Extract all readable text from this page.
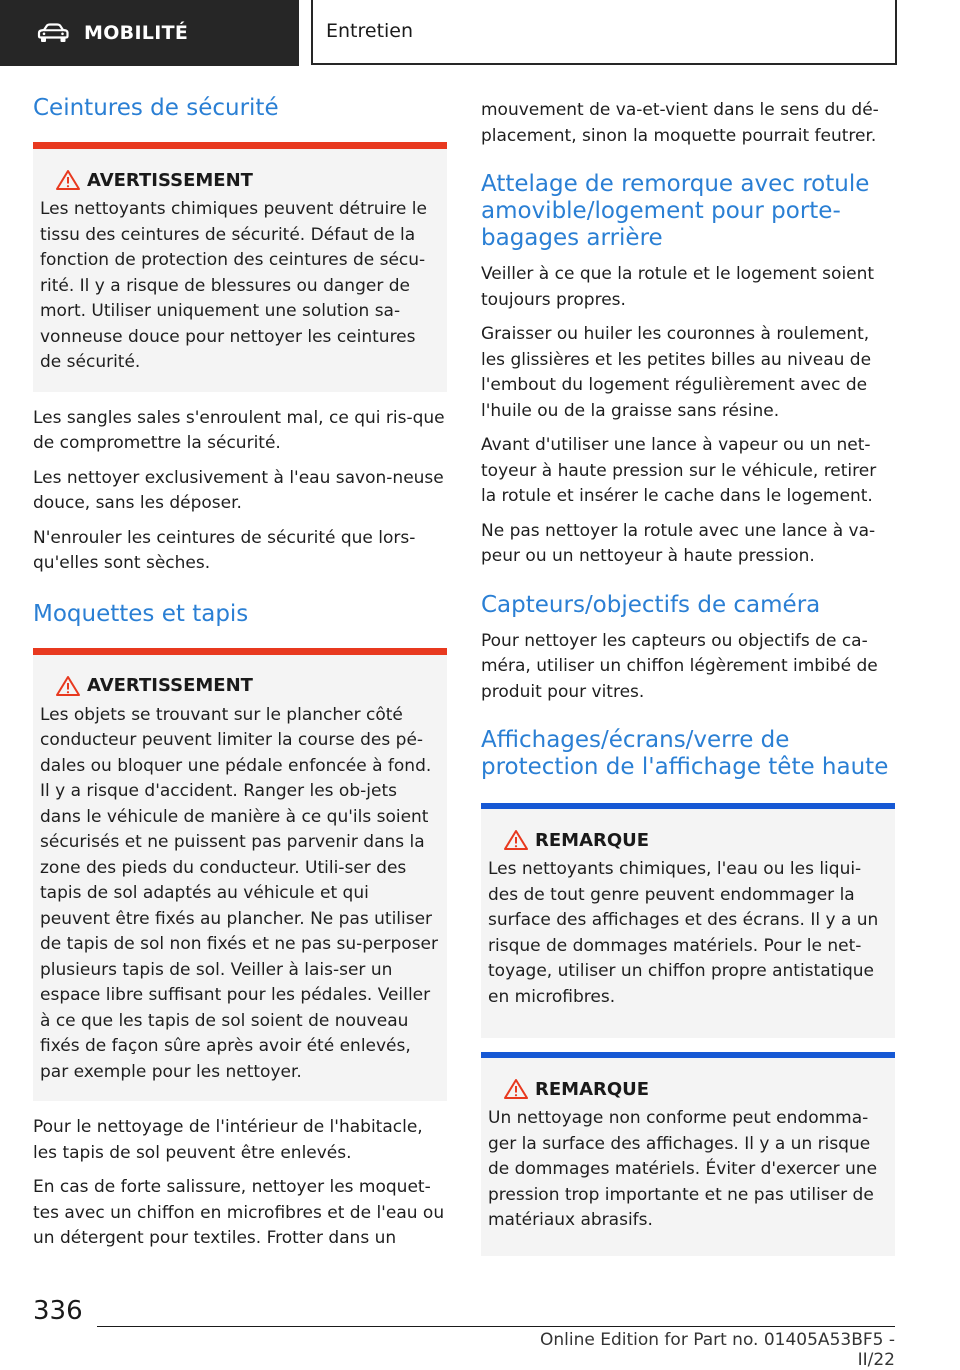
MOBILITÉ	Entretien
Ceintures de sécurité
AVERTISSEMENT

Les nettoyants chimiques peuvent détruire le tissu des ceintures de sécurité. Défaut de la fonction de protection des ceintures de sécu-rité. Il y a risque de blessures ou danger de mort. Utiliser uniquement une solution sa-vonneuse douce pour nettoyer les ceintures de sécurité.

Les sangles sales s'enroulent mal, ce qui ris-que de compromettre la sécurité.

Les nettoyer exclusivement à l'eau savon-neuse douce, sans les déposer.

N'enrouler les ceintures de sécurité que lors-qu'elles sont sèches.

Moquettes et tapis
AVERTISSEMENT

Les objets se trouvant sur le plancher côté conducteur peuvent limiter la course des pé-dales ou bloquer une pédale enfoncée à fond. Il y a risque d'accident. Ranger les ob-jets dans le véhicule de manière à ce qu'ils soient sécurisés et ne puissent pas parvenir dans la zone des pieds du conducteur. Utili-ser des tapis de sol adaptés au véhicule et qui peuvent être fixés au plancher. Ne pas utiliser de tapis de sol non fixés et ne pas su-perposer plusieurs tapis de sol. Veiller à lais-ser un espace libre suffisant pour les pédales. Veiller à ce que les tapis de sol soient de nouveau fixés de façon sûre après avoir été enlevés, par exemple pour les nettoyer.

Pour le nettoyage de l'intérieur de l'habitacle, les tapis de sol peuvent être enlevés.

En cas de forte salissure, nettoyer les moquet-tes avec un chiffon en microfibres et de l'eau ou un détergent pour textiles. Frotter dans un

mouvement de va-et-vient dans le sens du dé-placement, sinon la moquette pourrait feutrer.

Attelage de remorque avec rotule amovible/logement pour porte-bagages arrière

Veiller à ce que la rotule et le logement soient toujours propres.

Graisser ou huiler les couronnes à roulement, les glissières et les petites billes au niveau de l'embout du logement régulièrement avec de l'huile ou de la graisse sans résine.

Avant d'utiliser une lance à vapeur ou un net-toyeur à haute pression sur le véhicule, retirer la rotule et insérer le cache dans le logement.

Ne pas nettoyer la rotule avec une lance à va-peur ou un nettoyeur à haute pression.

Capteurs/objectifs de caméra

Pour nettoyer les capteurs ou objectifs de ca-méra, utiliser un chiffon légèrement imbibé de produit pour vitres.

Affichages/écrans/verre de protection de l'affichage tête haute
REMARQUE

Les nettoyants chimiques, l'eau ou les liqui-des de tout genre peuvent endommager la surface des affichages et des écrans. Il y a un risque de dommages matériels. Pour le net-toyage, utiliser un chiffon propre antistatique en microfibres.

REMARQUE

Un nettoyage non conforme peut endomma-ger la surface des affichages. Il y a un risque de dommages matériels. Éviter d'exercer une pression trop importante et ne pas utiliser de matériaux abrasifs.

336
Online Edition for Part no. 01405A53BF5 - II/22
